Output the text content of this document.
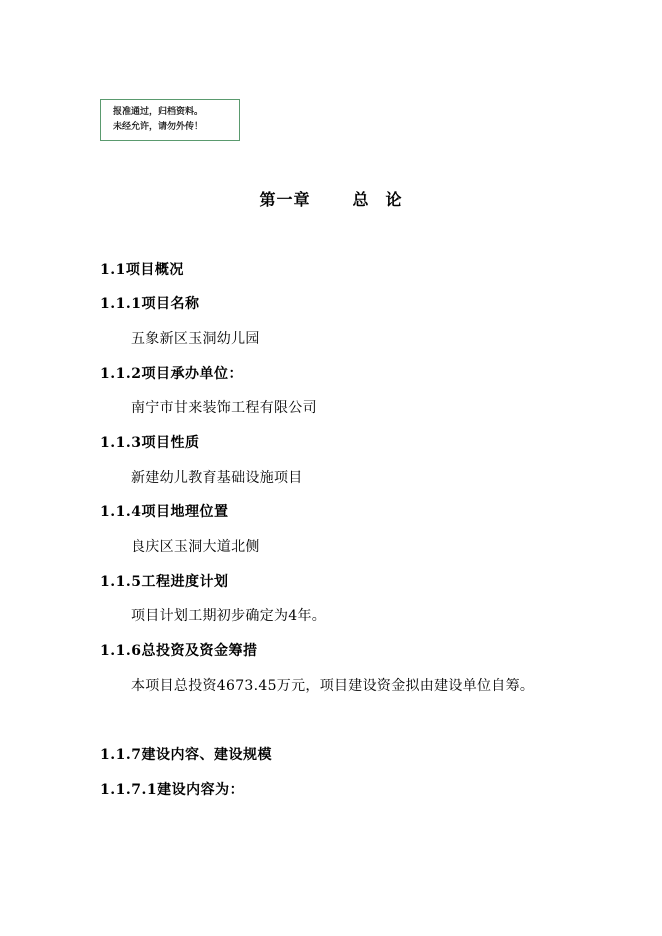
报准通过，归档资料。
未经允许，请勿外传！
第一章	总 论
1.1项目概况
1.1.1项目名称
五象新区玉洞幼儿园
1.1.2项目承办单位：
南宁市甘来装饰工程有限公司
1.1.3项目性质
新建幼儿教育基础设施项目
1.1.4项目地理位置
良庆区玉洞大道北侧
1.1.5工程进度计划
项目计划工期初步确定为4年。
1.1.6总投资及资金筹措
本项目总投资4673.45万元，项目建设资金拟由建设单位自筹。
1.1.7建设内容、建设规模
1.1.7.1建设内容为：
